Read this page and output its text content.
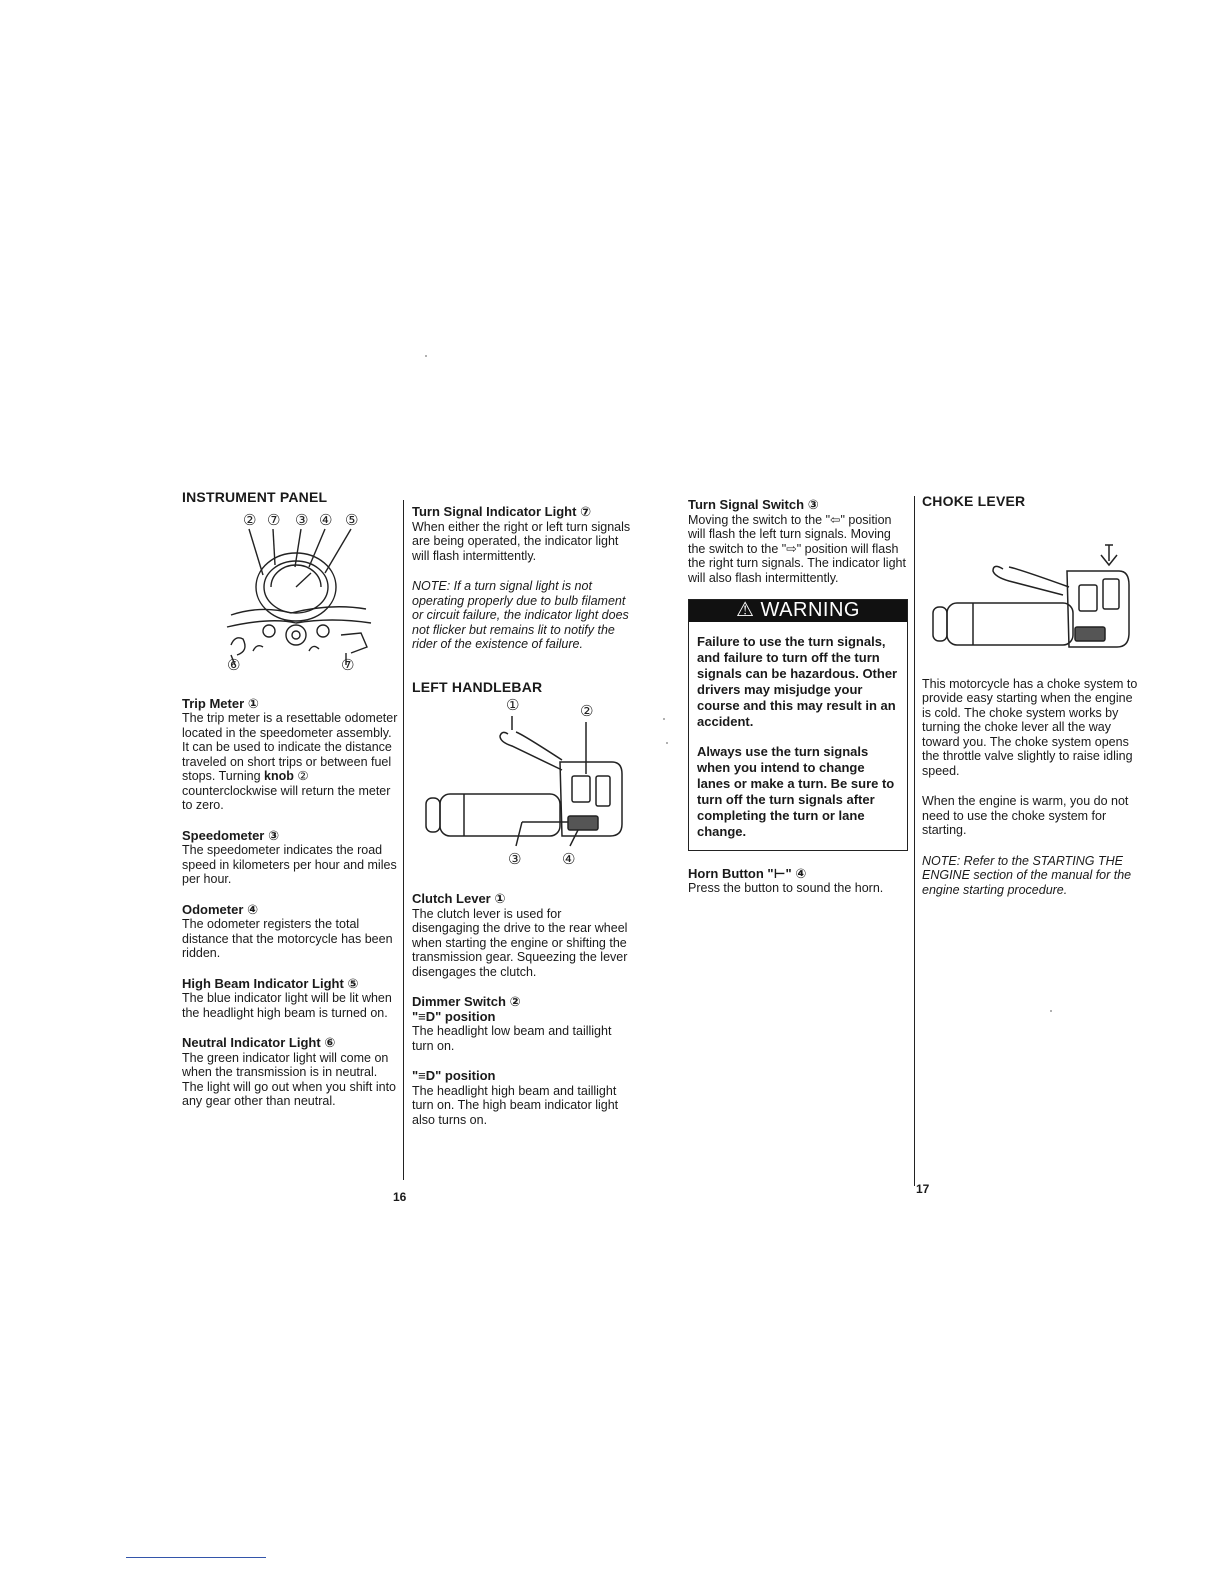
INSTRUMENT PANEL

② ⑦ ③ ④ ⑤
⑥	⑦

Trip Meter ①

The trip meter is a resettable odometer located in the speedometer assembly. It can be used to indicate the distance traveled on short trips or between fuel stops. Turning knob ② counterclockwise will return the meter to zero.

Speedometer ③

The speedometer indicates the road speed in kilometers per hour and miles per hour.

Odometer ④

The odometer registers the total distance that the motorcycle has been ridden.

High Beam Indicator Light ⑤

The blue indicator light will be lit when the headlight high beam is turned on.

Neutral Indicator Light ⑥

The green indicator light will come on when the transmission is in neutral. The light will go out when you shift into any gear other than neutral.

Turn Signal Indicator Light ⑦

When either the right or left turn signals are being operated, the indicator light will flash intermittently.

NOTE: If a turn signal light is not operating properly due to bulb filament or circuit failure, the indicator light does not flicker but remains lit to notify the rider of the existence of failure.

LEFT HANDLEBAR

①	②
③	④

Clutch Lever ①

The clutch lever is used for disengaging the drive to the rear wheel when starting the engine or shifting the transmission gear. Squeezing the lever disengages the clutch.

Dimmer Switch ②

"≡D" position

The headlight low beam and taillight turn on.

"≡D" position

The headlight high beam and taillight turn on. The high beam indicator light also turns on.

16

Turn Signal Switch ③

Moving the switch to the "⇦" position will flash the left turn signals. Moving the switch to the "⇨" position will flash the right turn signals. The indicator light will also flash intermittently.

⚠ WARNING

Failure to use the turn signals, and failure to turn off the turn signals can be hazardous. Other drivers may misjudge your course and this may result in an accident.

Always use the turn signals when you intend to change lanes or make a turn. Be sure to turn off the turn signals after completing the turn or lane change.

Horn Button "⊢" ④

Press the button to sound the horn.

CHOKE LEVER

This motorcycle has a choke system to provide easy starting when the engine is cold. The choke system works by turning the choke lever all the way toward you. The choke system opens the throttle valve slightly to raise idling speed.

When the engine is warm, you do not need to use the choke system for starting.

NOTE: Refer to the STARTING THE ENGINE section of the manual for the engine starting procedure.

17
